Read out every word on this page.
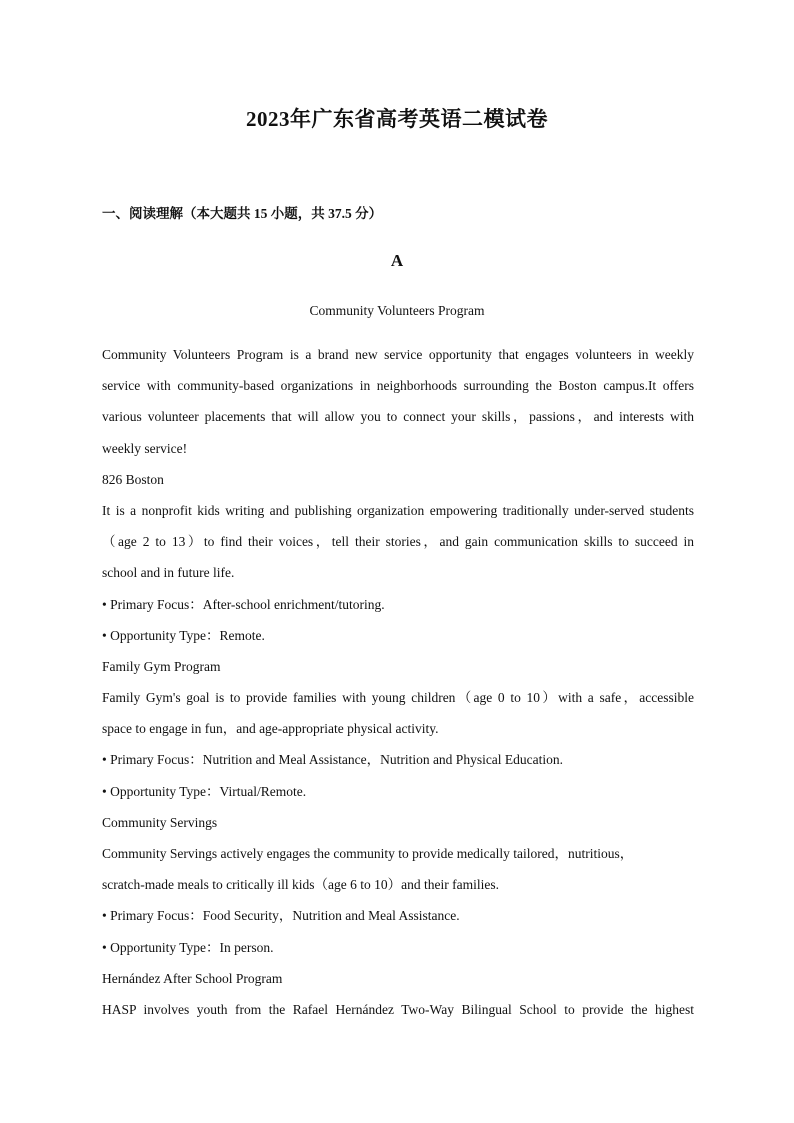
2023年广东省高考英语二模试卷
一、阅读理解（本大题共 15 小题，共 37.5 分）
A
Community Volunteers Program
Community Volunteers Program is a brand new service opportunity that engages volunteers in weekly
service with community-based organizations in neighborhoods surrounding the Boston campus.It offers
various volunteer placements that will allow you to connect your skills，passions，and interests with
weekly service!
826 Boston
It is a nonprofit kids writing and publishing organization empowering traditionally under-served students
（age 2 to 13）to find their voices，tell their stories，and gain communication skills to succeed in
school and in future life.
• Primary Focus：After-school enrichment/tutoring.
• Opportunity Type：Remote.
Family Gym Program
Family Gym's goal is to provide families with young children（age 0 to 10）with a safe，accessible
space to engage in fun，and age-appropriate physical activity.
• Primary Focus：Nutrition and Meal Assistance，Nutrition and Physical Education.
• Opportunity Type：Virtual/Remote.
Community Servings
Community Servings actively engages the community to provide medically tailored，nutritious，
scratch-made meals to critically ill kids（age 6 to 10）and their families.
• Primary Focus：Food Security，Nutrition and Meal Assistance.
• Opportunity Type：In person.
Hernández After School Program
HASP involves youth from the Rafael Hernández Two-Way Bilingual School to provide the highest
